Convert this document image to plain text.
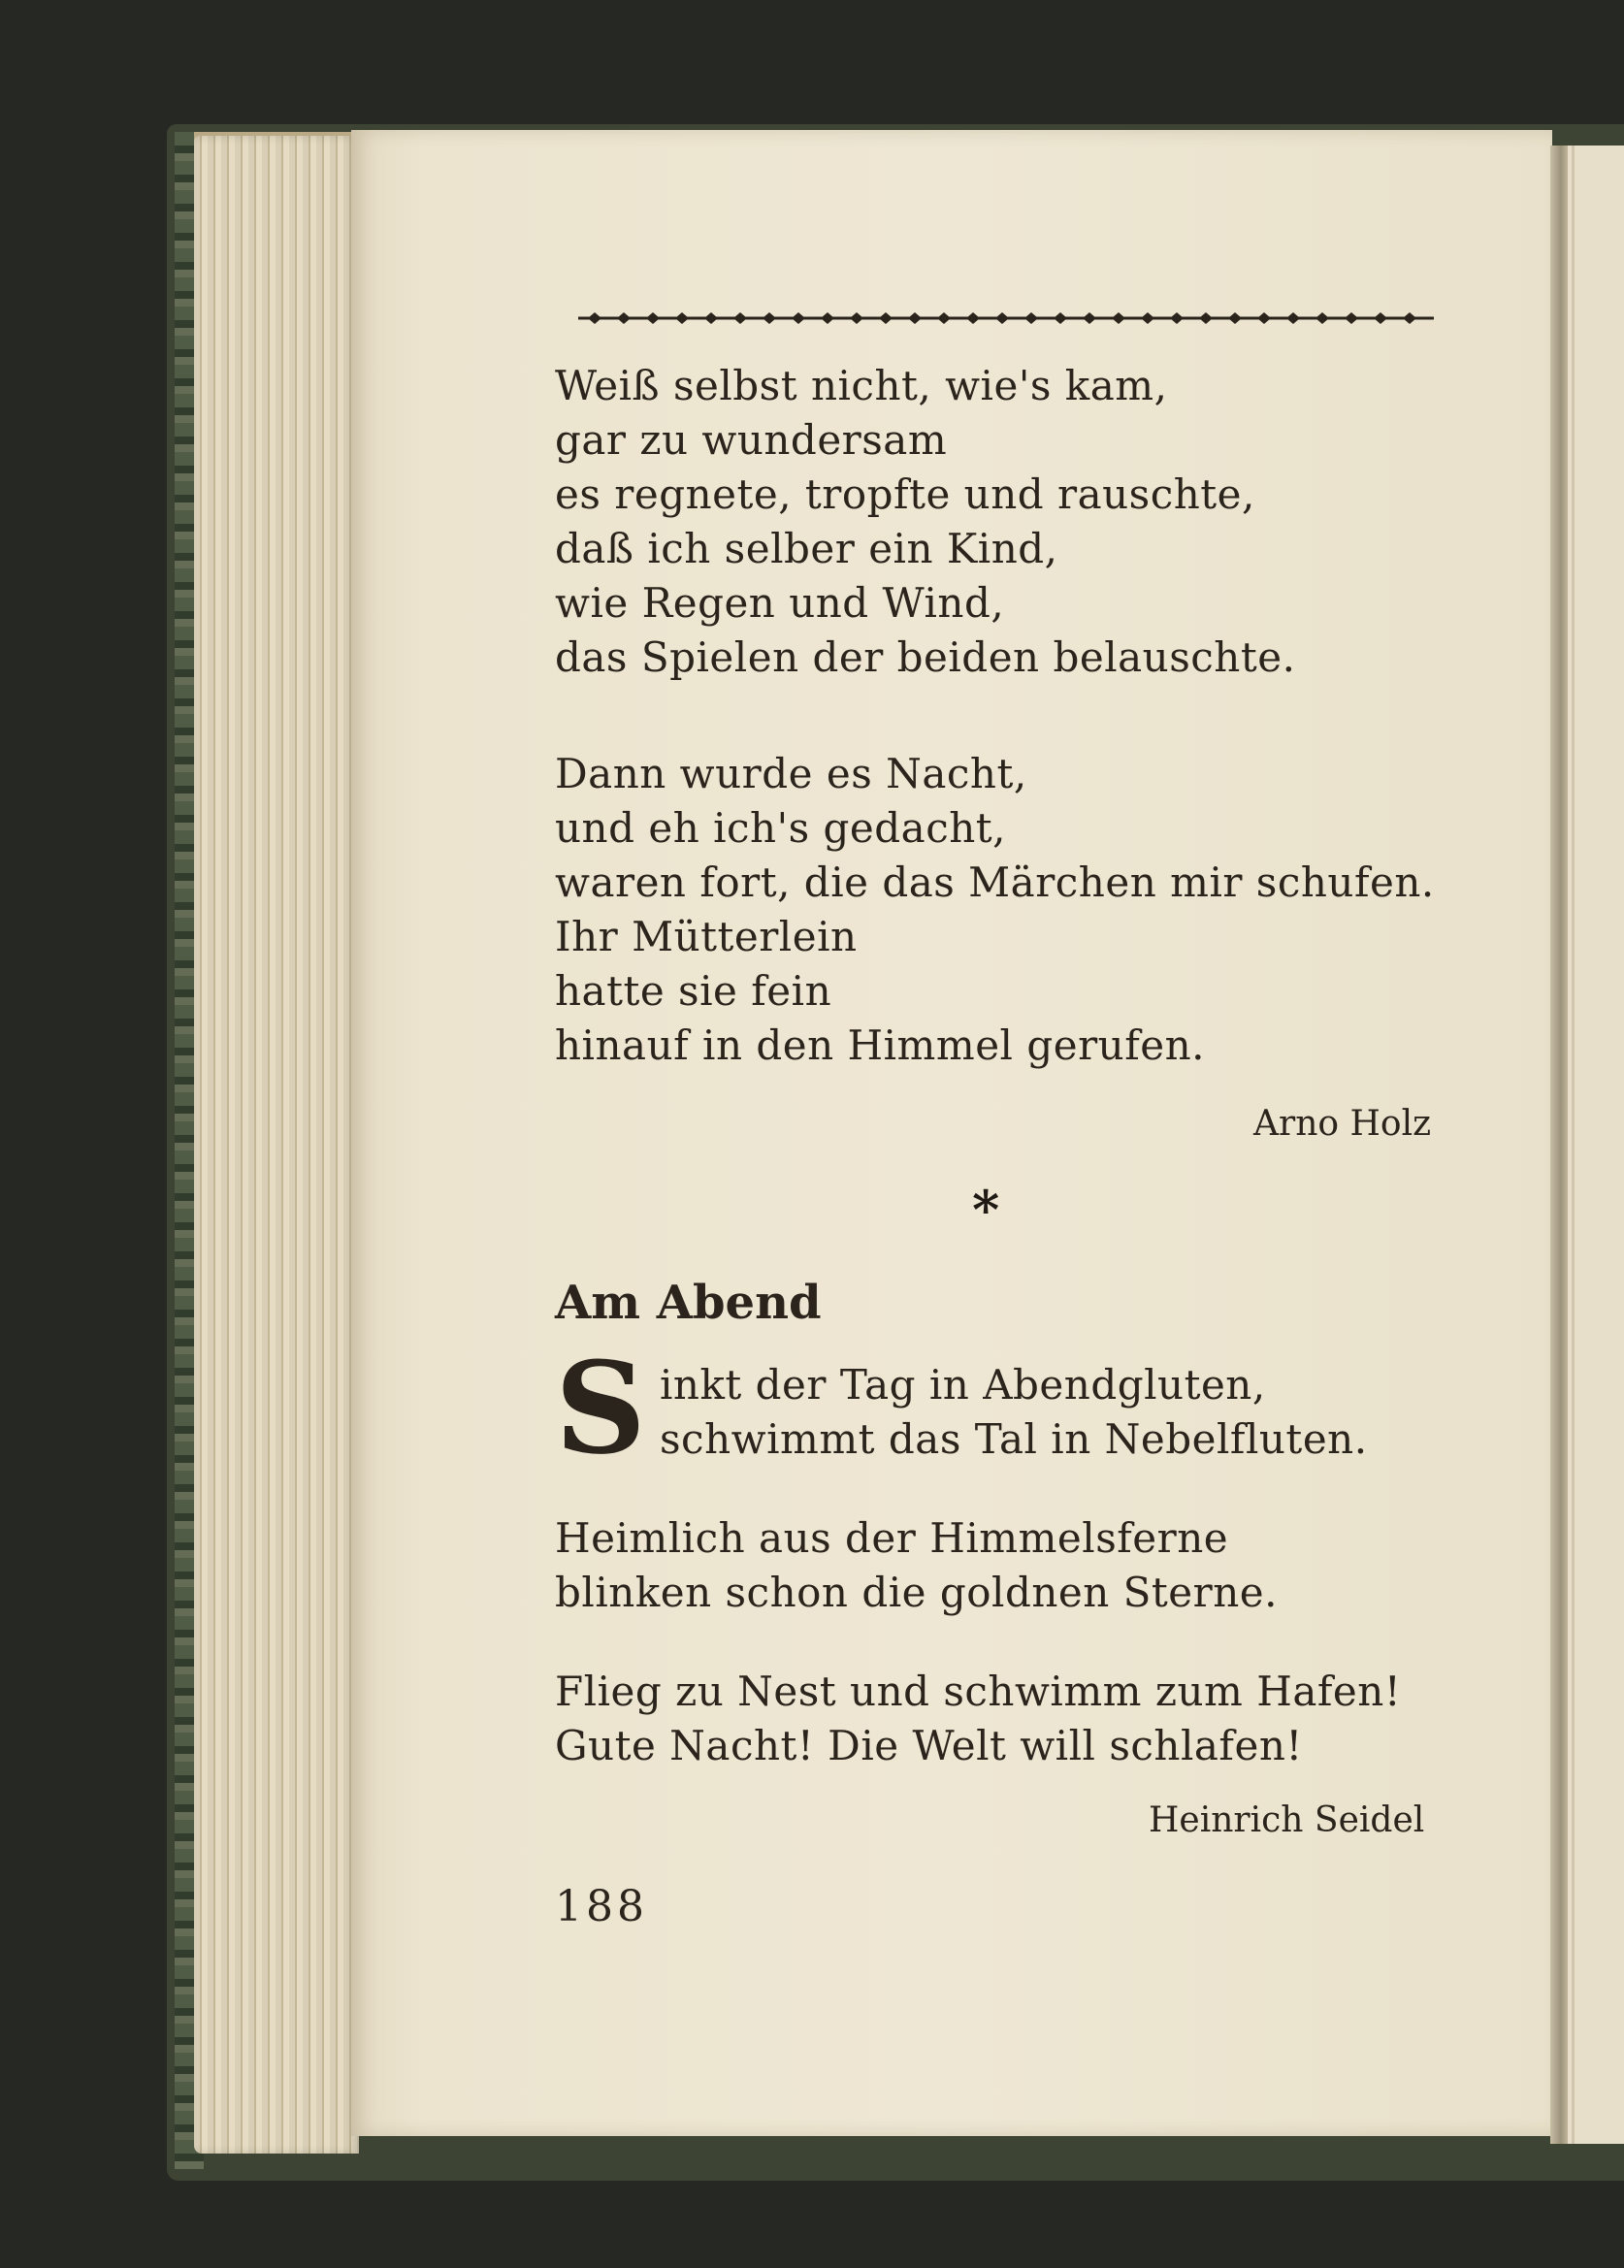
Weiß selbst nicht, wie's kam,
gar zu wundersam
es regnete, tropfte und rauschte,
daß ich selber ein Kind,
wie Regen und Wind,
das Spielen der beiden belauschte.
Dann wurde es Nacht,
und eh ich's gedacht,
waren fort, die das Märchen mir schufen.
Ihr Mütterlein
hatte sie fein
hinauf in den Himmel gerufen.
Arno Holz
*
Am Abend
S inkt der Tag in Abendgluten,
schwimmt das Tal in Nebelfluten.
Heimlich aus der Himmelsferne
blinken schon die goldnen Sterne.
Flieg zu Nest und schwimm zum Hafen!
Gute Nacht! Die Welt will schlafen!
Heinrich Seidel
188
